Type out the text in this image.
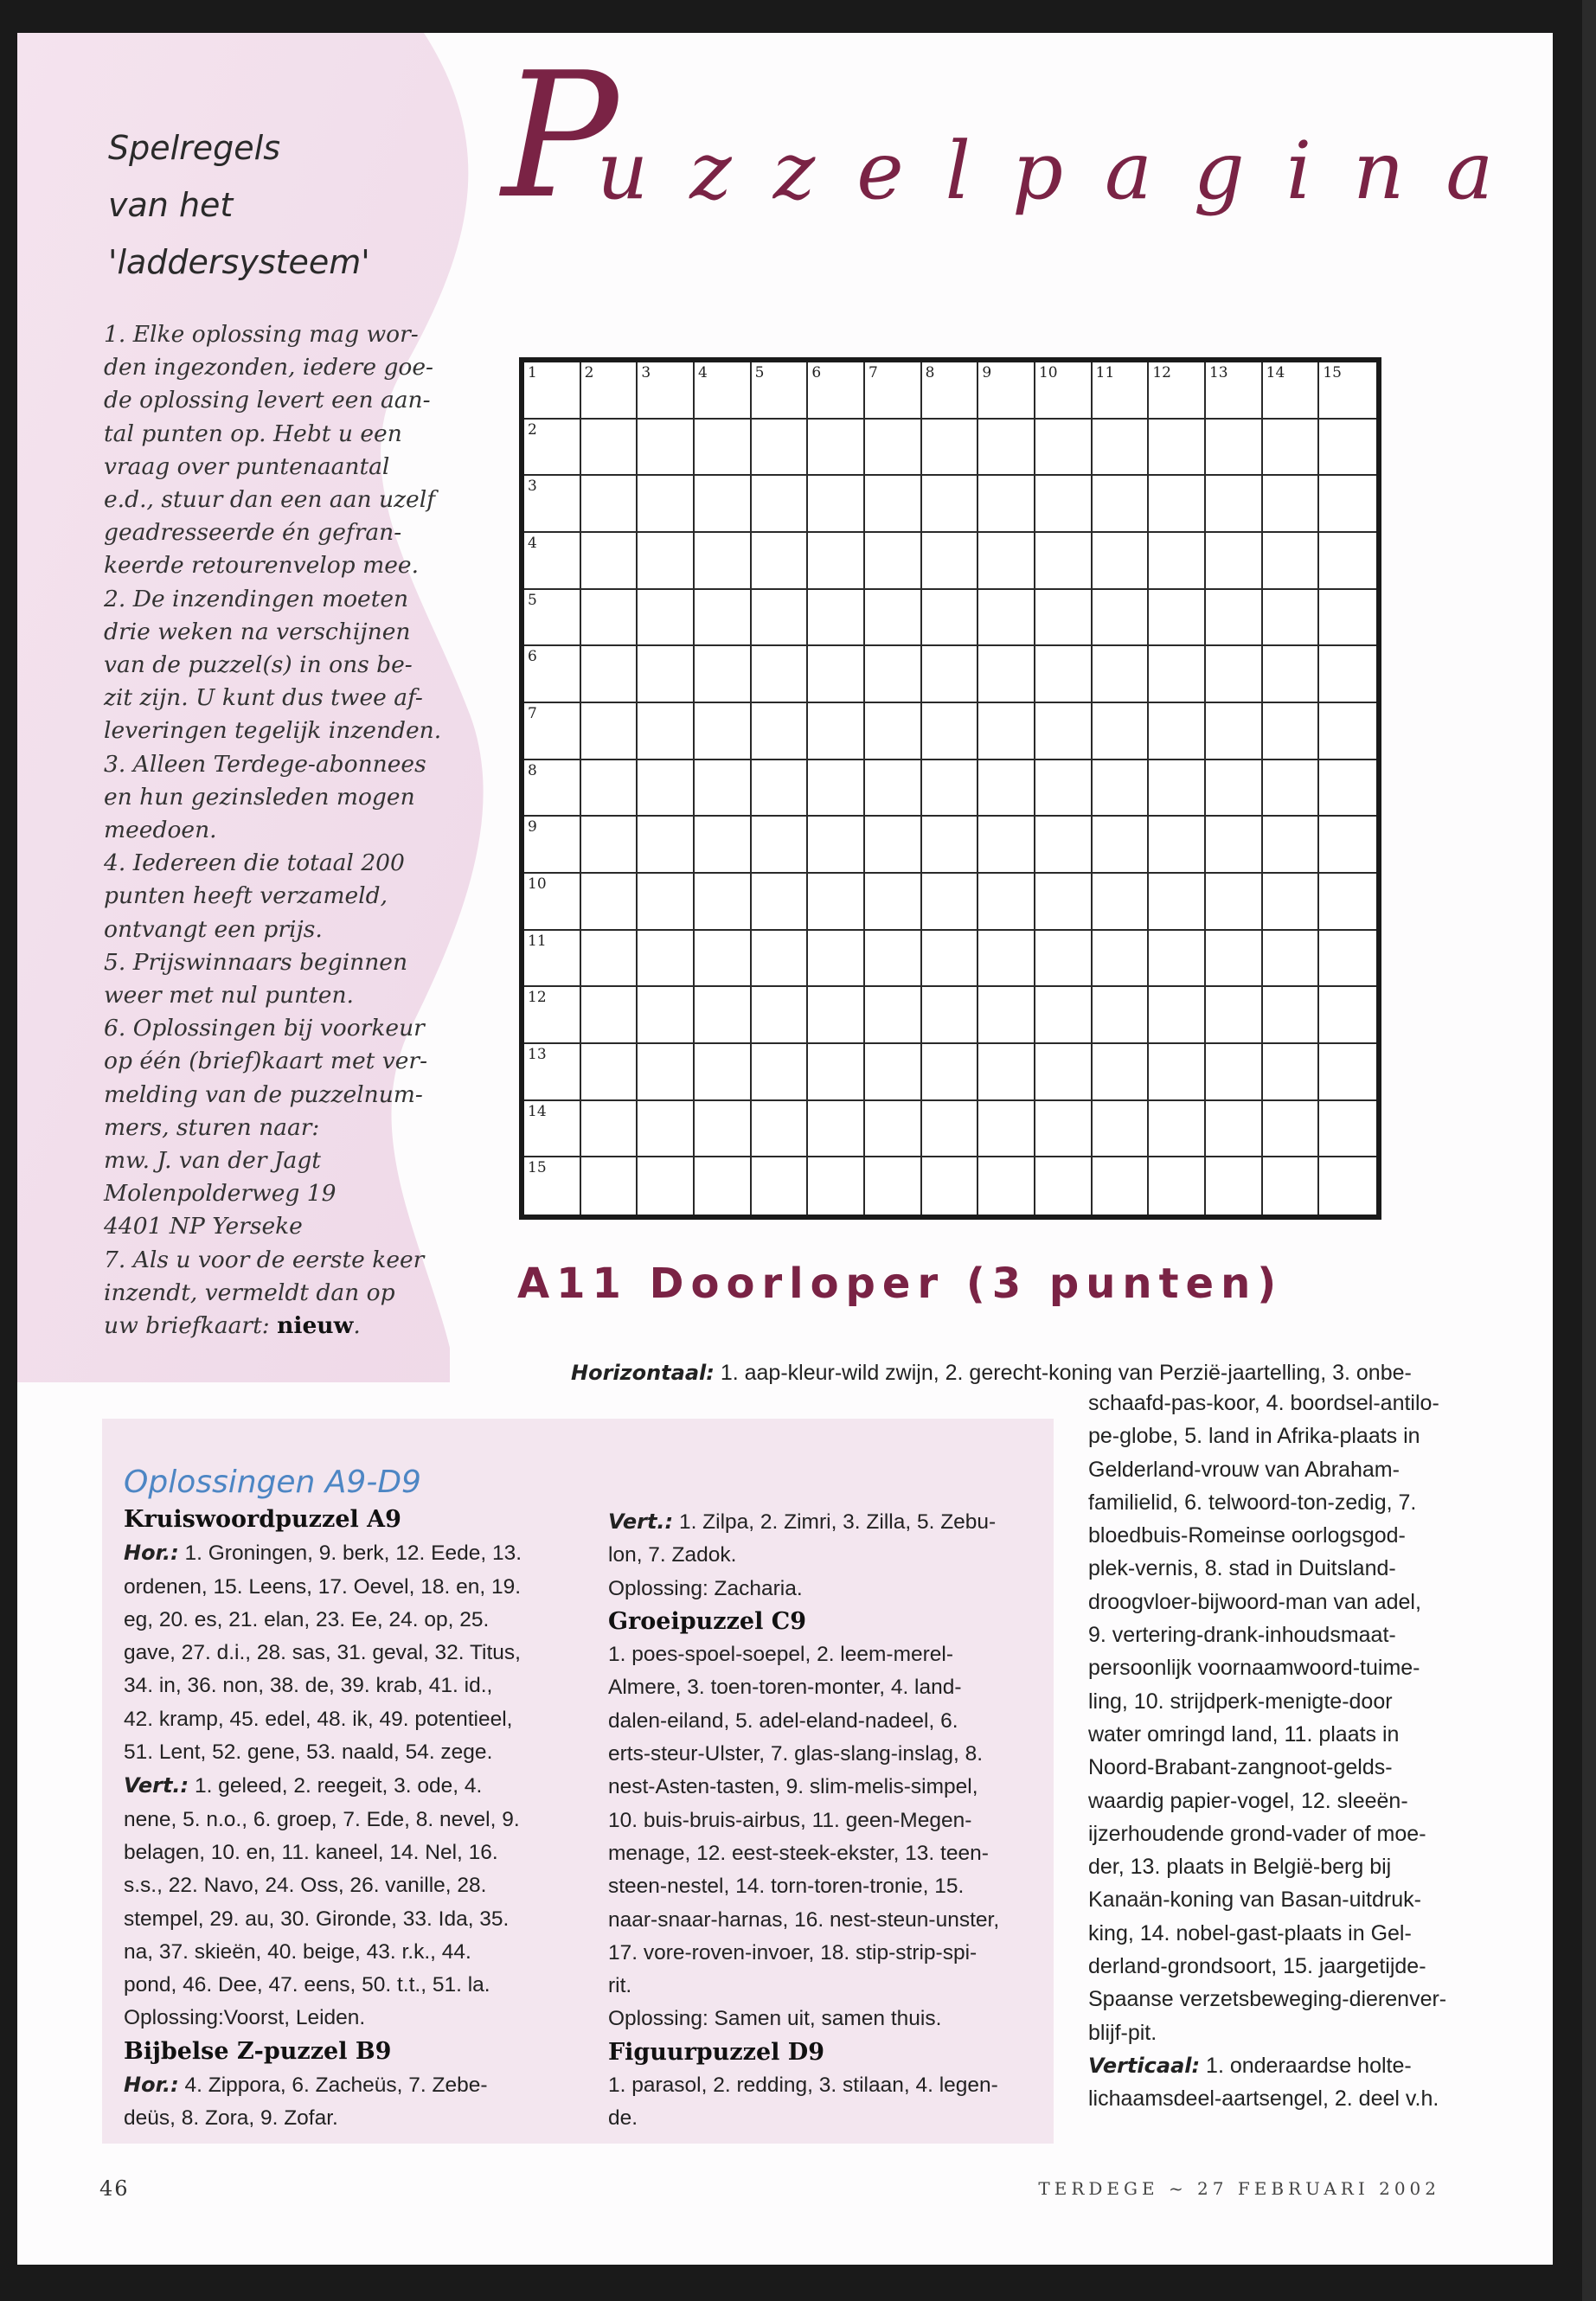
Spelregels
van het
'laddersysteem'
1. Elke oplossing mag wor-
den ingezonden, iedere goe-
de oplossing levert een aan-
tal punten op. Hebt u een
vraag over puntenaantal
e.d., stuur dan een aan uzelf
geadresseerde én gefran-
keerde retourenvelop mee.
2. De inzendingen moeten
drie weken na verschijnen
van de puzzel(s) in ons be-
zit zijn. U kunt dus twee af-
leveringen tegelijk inzenden.
3. Alleen Terdege-abonnees
en hun gezinsleden mogen
meedoen.
4. Iedereen die totaal 200
punten heeft verzameld,
ontvangt een prijs.
5. Prijswinnaars beginnen
weer met nul punten.
6. Oplossingen bij voorkeur
op één (brief)kaart met ver-
melding van de puzzelnum-
mers, sturen naar:
mw. J. van der Jagt
Molenpolderweg 19
4401 NP Yerseke
7. Als u voor de eerste keer
inzendt, vermeldt dan op
uw briefkaart: nieuw.
P
uzzelpagina
1	2	3	4	5	6	7	8	9	10	11	12	13	14	15
2
3
4
5
6
7
8
9
10
11
12
13
14
15
A11 Doorloper (3 punten)
Horizontaal: 1. aap-kleur-wild zwijn, 2. gerecht-koning van Perzië-jaartelling, 3. onbe-
schaafd-pas-koor, 4. boordsel-antilo-
pe-globe, 5. land in Afrika-plaats in
Gelderland-vrouw van Abraham-
familielid, 6. telwoord-ton-zedig, 7.
bloedbuis-Romeinse oorlogsgod-
plek-vernis, 8. stad in Duitsland-
droogvloer-bijwoord-man van adel,
9. vertering-drank-inhoudsmaat-
persoonlijk voornaamwoord-tuime-
ling, 10. strijdperk-menigte-door
water omringd land, 11. plaats in
Noord-Brabant-zangnoot-gelds-
waardig papier-vogel, 12. sleeën-
ijzerhoudende grond-vader of moe-
der, 13. plaats in België-berg bij
Kanaän-koning van Basan-uitdruk-
king, 14. nobel-gast-plaats in Gel-
derland-grondsoort, 15. jaargetijde-
Spaanse verzetsbeweging-dierenver-
blijf-pit.
Verticaal: 1. onderaardse holte-
lichaamsdeel-aartsengel, 2. deel v.h.
Oplossingen A9-D9
Kruiswoordpuzzel A9
Hor.: 1. Groningen, 9. berk, 12. Eede, 13.
ordenen, 15. Leens, 17. Oevel, 18. en, 19.
eg, 20. es, 21. elan, 23. Ee, 24. op, 25.
gave, 27. d.i., 28. sas, 31. geval, 32. Titus,
34. in, 36. non, 38. de, 39. krab, 41. id.,
42. kramp, 45. edel, 48. ik, 49. potentieel,
51. Lent, 52. gene, 53. naald, 54. zege.
Vert.: 1. geleed, 2. reegeit, 3. ode, 4.
nene, 5. n.o., 6. groep, 7. Ede, 8. nevel, 9.
belagen, 10. en, 11. kaneel, 14. Nel, 16.
s.s., 22. Navo, 24. Oss, 26. vanille, 28.
stempel, 29. au, 30. Gironde, 33. Ida, 35.
na, 37. skieën, 40. beige, 43. r.k., 44.
pond, 46. Dee, 47. eens, 50. t.t., 51. la.
Oplossing:Voorst, Leiden.
Bijbelse Z-puzzel B9
Hor.: 4. Zippora, 6. Zacheüs, 7. Zebe-
deüs, 8. Zora, 9. Zofar.
Vert.: 1. Zilpa, 2. Zimri, 3. Zilla, 5. Zebu-
lon, 7. Zadok.
Oplossing: Zacharia.
Groeipuzzel C9
1. poes-spoel-soepel, 2. leem-merel-
Almere, 3. toen-toren-monter, 4. land-
dalen-eiland, 5. adel-eland-nadeel, 6.
erts-steur-Ulster, 7. glas-slang-inslag, 8.
nest-Asten-tasten, 9. slim-melis-simpel,
10. buis-bruis-airbus, 11. geen-Megen-
menage, 12. eest-steek-ekster, 13. teen-
steen-nestel, 14. torn-toren-tronie, 15.
naar-snaar-harnas, 16. nest-steun-unster,
17. vore-roven-invoer, 18. stip-strip-spi-
rit.
Oplossing: Samen uit, samen thuis.
Figuurpuzzel D9
1. parasol, 2. redding, 3. stilaan, 4. legen-
de.
46	TERDEGE ~ 27 FEBRUARI 2002
